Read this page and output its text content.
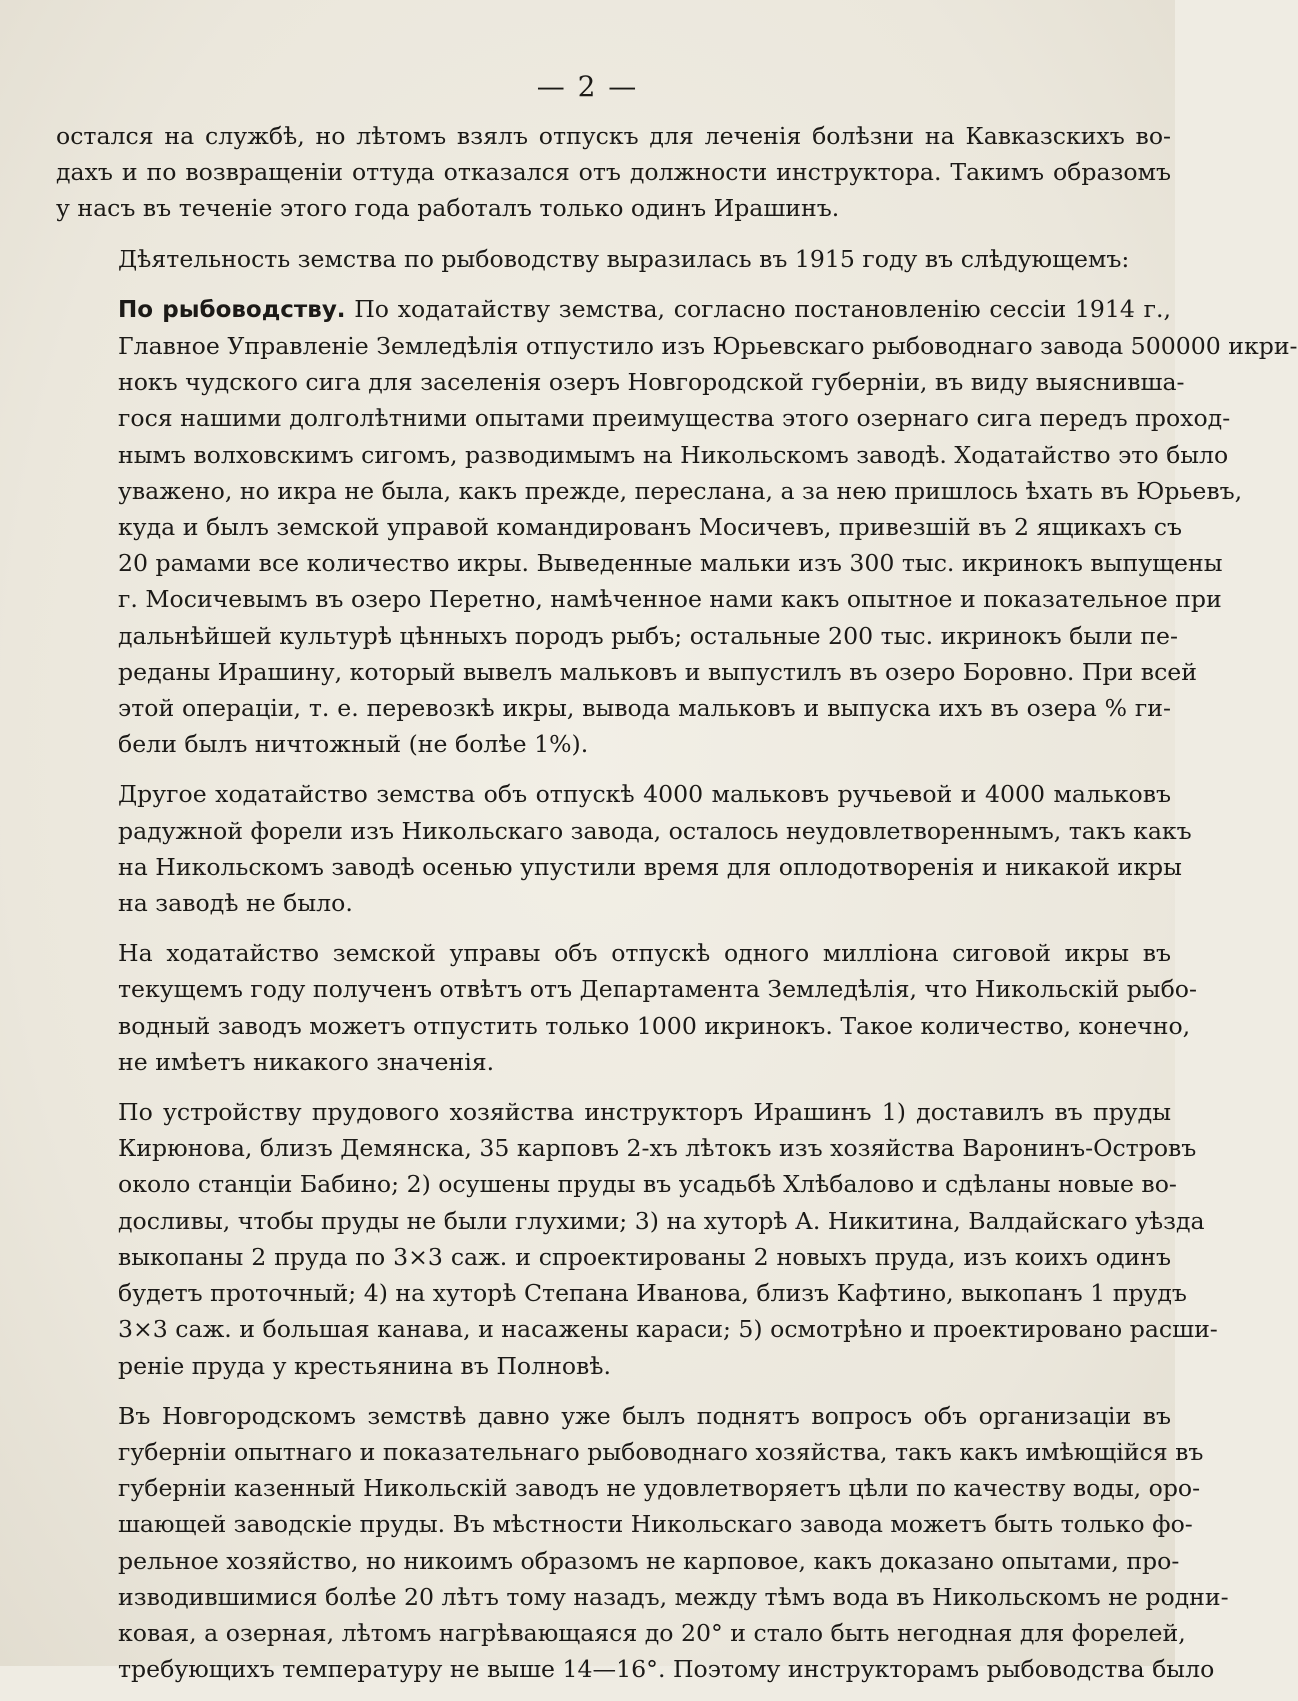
— 2 —
остался на службѣ, но лѣтомъ взялъ отпускъ для леченія болѣзни на Кавказскихъ во-
дахъ и по возвращеніи оттуда отказался отъ должности инструктора. Такимъ образомъ
у насъ въ теченіе этого года работалъ только одинъ Ирашинъ.
Дѣятельность земства по рыбоводству выразилась въ 1915 году въ слѣдующемъ:
По рыбоводству. По ходатайству земства, согласно постановленію сессіи 1914 г.,
Главное Управленіе Земледѣлія отпустило изъ Юрьевскаго рыбоводнаго завода 500000 икри-
нокъ чудского сига для заселенія озеръ Новгородской губерніи, въ виду выяснивша-
гося нашими долголѣтними опытами преимущества этого озернаго сига передъ проход-
нымъ волховскимъ сигомъ, разводимымъ на Никольскомъ заводѣ. Ходатайство это было
уважено, но икра не была, какъ прежде, переслана, а за нею пришлось ѣхать въ Юрьевъ,
куда и былъ земской управой командированъ Мосичевъ, привезшій въ 2 ящикахъ съ
20 рамами все количество икры. Выведенные мальки изъ 300 тыс. икринокъ выпущены
г. Мосичевымъ въ озеро Перетно, намѣченное нами какъ опытное и показательное при
дальнѣйшей культурѣ цѣнныхъ породъ рыбъ; остальные 200 тыс. икринокъ были пе-
реданы Ирашину, который вывелъ мальковъ и выпустилъ въ озеро Боровно. При всей
этой операціи, т. е. перевозкѣ икры, вывода мальковъ и выпуска ихъ въ озера % ги-
бели былъ ничтожный (не болѣе 1%).
Другое ходатайство земства объ отпускѣ 4000 мальковъ ручьевой и 4000 мальковъ
радужной форели изъ Никольскаго завода, осталось неудовлетвореннымъ, такъ какъ
на Никольскомъ заводѣ осенью упустили время для оплодотворенія и никакой икры
на заводѣ не было.
На ходатайство земской управы объ отпускѣ одного милліона сиговой икры въ
текущемъ году полученъ отвѣтъ отъ Департамента Земледѣлія, что Никольскій рыбо-
водный заводъ можетъ отпустить только 1000 икринокъ. Такое количество, конечно,
не имѣетъ никакого значенія.
По устройству прудового хозяйства инструкторъ Ирашинъ 1) доставилъ въ пруды
Кирюнова, близъ Демянска, 35 карповъ 2-хъ лѣтокъ изъ хозяйства Варонинъ-Островъ
около станціи Бабино; 2) осушены пруды въ усадьбѣ Хлѣбалово и сдѣланы новые во-
досливы, чтобы пруды не были глухими; 3) на хуторѣ А. Никитина, Валдайскаго уѣзда
выкопаны 2 пруда по 3×3 саж. и спроектированы 2 новыхъ пруда, изъ коихъ одинъ
будетъ проточный; 4) на хуторѣ Степана Иванова, близъ Кафтино, выкопанъ 1 прудъ
3×3 саж. и большая канава, и насажены караси; 5) осмотрѣно и проектировано расши-
реніе пруда у крестьянина въ Полновѣ.
Въ Новгородскомъ земствѣ давно уже былъ поднятъ вопросъ объ организаціи въ
губерніи опытнаго и показательнаго рыбоводнаго хозяйства, такъ какъ имѣющійся въ
губерніи казенный Никольскій заводъ не удовлетворяетъ цѣли по качеству воды, оро-
шающей заводскіе пруды. Въ мѣстности Никольскаго завода можетъ быть только фо-
рельное хозяйство, но никоимъ образомъ не карповое, какъ доказано опытами, про-
изводившимися болѣе 20 лѣтъ тому назадъ, между тѣмъ вода въ Никольскомъ не родни-
ковая, а озерная, лѣтомъ нагрѣвающаяся до 20° и стало быть негодная для форелей,
требующихъ температуру не выше 14—16°. Поэтому инструкторамъ рыбоводства было
